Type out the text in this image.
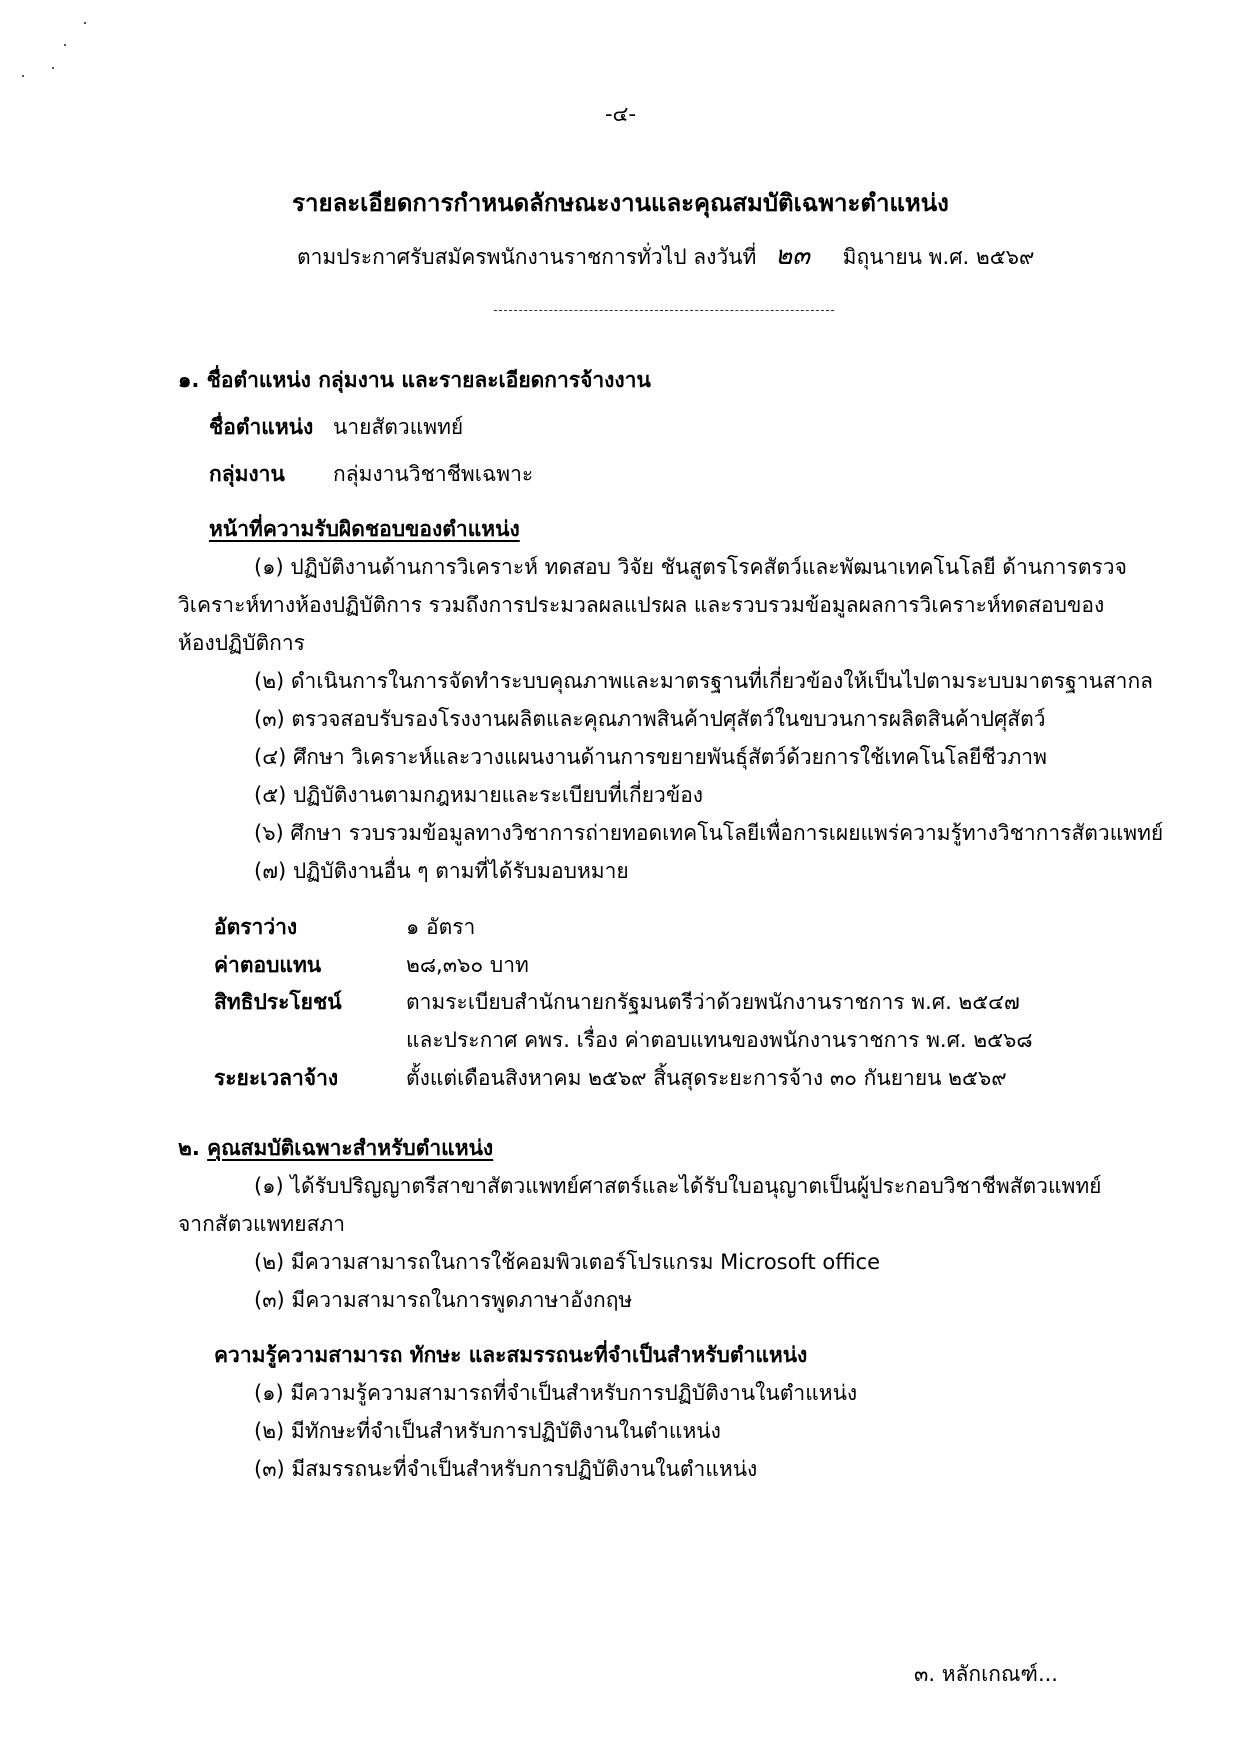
-๔-
รายละเอียดการกำหนดลักษณะงานและคุณสมบัติเฉพาะตำแหน่ง
ตามประกาศรับสมัครพนักงานราชการทั่วไป ลงวันที่ ๒๓ มิถุนายน พ.ศ. ๒๕๖๙
๑. ชื่อตำแหน่ง กลุ่มงาน และรายละเอียดการจ้างงาน
ชื่อตำแหน่ง นายสัตวแพทย์
กลุ่มงาน กลุ่มงานวิชาชีพเฉพาะ
หน้าที่ความรับผิดชอบของตำแหน่ง
(๑) ปฏิบัติงานด้านการวิเคราะห์ ทดสอบ วิจัย ชันสูตรโรคสัตว์และพัฒนาเทคโนโลยี ด้านการตรวจ
วิเคราะห์ทางห้องปฏิบัติการ รวมถึงการประมวลผลแปรผล และรวบรวมข้อมูลผลการวิเคราะห์ทดสอบของ
ห้องปฏิบัติการ
(๒) ดำเนินการในการจัดทำระบบคุณภาพและมาตรฐานที่เกี่ยวข้องให้เป็นไปตามระบบมาตรฐานสากล
(๓) ตรวจสอบรับรองโรงงานผลิตและคุณภาพสินค้าปศุสัตว์ในขบวนการผลิตสินค้าปศุสัตว์
(๔) ศึกษา วิเคราะห์และวางแผนงานด้านการขยายพันธุ์สัตว์ด้วยการใช้เทคโนโลยีชีวภาพ
(๕) ปฏิบัติงานตามกฎหมายและระเบียบที่เกี่ยวข้อง
(๖) ศึกษา รวบรวมข้อมูลทางวิชาการถ่ายทอดเทคโนโลยีเพื่อการเผยแพร่ความรู้ทางวิชาการสัตวแพทย์
(๗) ปฏิบัติงานอื่น ๆ ตามที่ได้รับมอบหมาย
อัตราว่าง	๑ อัตรา
ค่าตอบแทน	๒๘,๓๖๐ บาท
สิทธิประโยชน์	ตามระเบียบสำนักนายกรัฐมนตรีว่าด้วยพนักงานราชการ พ.ศ. ๒๕๔๗
และประกาศ คพร. เรื่อง ค่าตอบแทนของพนักงานราชการ พ.ศ. ๒๕๖๘
ระยะเวลาจ้าง	ตั้งแต่เดือนสิงหาคม ๒๕๖๙ สิ้นสุดระยะการจ้าง ๓๐ กันยายน ๒๕๖๙
๒. คุณสมบัติเฉพาะสำหรับตำแหน่ง
(๑) ได้รับปริญญาตรีสาขาสัตวแพทย์ศาสตร์และได้รับใบอนุญาตเป็นผู้ประกอบวิชาชีพสัตวแพทย์
จากสัตวแพทยสภา
(๒) มีความสามารถในการใช้คอมพิวเตอร์โปรแกรม Microsoft office
(๓) มีความสามารถในการพูดภาษาอังกฤษ
ความรู้ความสามารถ ทักษะ และสมรรถนะที่จำเป็นสำหรับตำแหน่ง
(๑) มีความรู้ความสามารถที่จำเป็นสำหรับการปฏิบัติงานในตำแหน่ง
(๒) มีทักษะที่จำเป็นสำหรับการปฏิบัติงานในตำแหน่ง
(๓) มีสมรรถนะที่จำเป็นสำหรับการปฏิบัติงานในตำแหน่ง
๓. หลักเกณฑ์...
